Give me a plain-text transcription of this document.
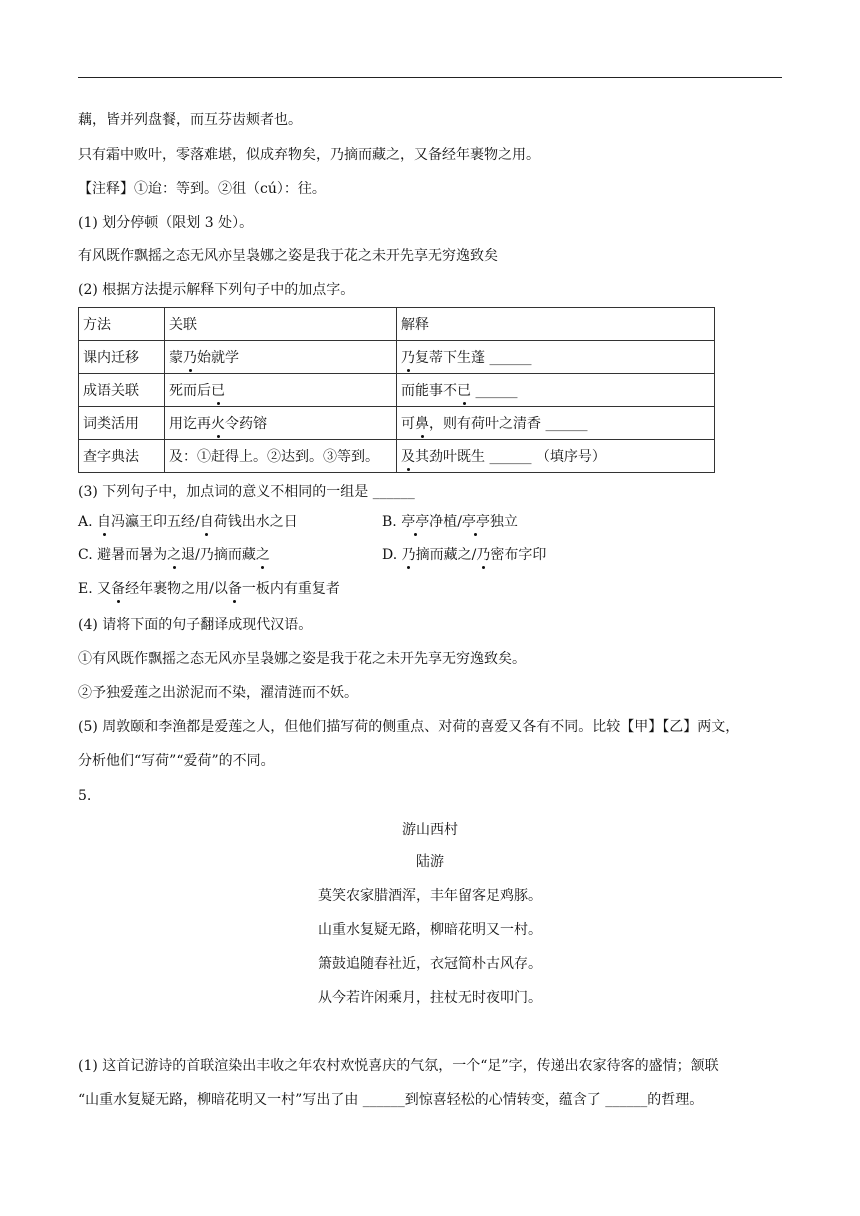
藕，皆并列盘餐，而互芬齿颊者也。
只有霜中败叶，零落难堪，似成弃物矣，乃摘而藏之，又备经年裹物之用。
【注释】①迨：等到。②徂（cú）：往。
(1) 划分停顿（限划 3 处）。
有风既作飘摇之态无风亦呈袅娜之姿是我于花之未开先享无穷逸致矣
(2) 根据方法提示解释下列句子中的加点字。
方法	关联	解释
课内迁移	蒙乃始就学	乃复蒂下生蓬 ______
成语关联	死而后已	而能事不已 ______
词类活用	用讫再火令药镕	可鼻，则有荷叶之清香 ______
查字典法	及：①赶得上。②达到。③等到。	及其劲叶既生 ______ （填序号）
(3) 下列句子中，加点词的意义不相同的一组是 ______
A. 自冯瀛王印五经/自荷钱出水之日	B. 亭亭净植/亭亭独立
C. 避暑而暑为之退/乃摘而藏之	D. 乃摘而藏之/乃密布字印
E. 又备经年裹物之用/以备一板内有重复者
(4) 请将下面的句子翻译成现代汉语。
①有风既作飘摇之态无风亦呈袅娜之姿是我于花之未开先享无穷逸致矣。
②予独爱莲之出淤泥而不染，濯清涟而不妖。
(5) 周敦颐和李渔都是爱莲之人，但他们描写荷的侧重点、对荷的喜爱又各有不同。比较【甲】【乙】两文，
分析他们“写荷”“爱荷”的不同。
5.
游山西村
陆游
莫笑农家腊酒浑，丰年留客足鸡豚。
山重水复疑无路，柳暗花明又一村。
箫鼓追随春社近，衣冠简朴古风存。
从今若许闲乘月，拄杖无时夜叩门。
(1) 这首记游诗的首联渲染出丰收之年农村欢悦喜庆的气氛，一个“足”字，传递出农家待客的盛情；颔联
“山重水复疑无路，柳暗花明又一村”写出了由 ______到惊喜轻松的心情转变，蕴含了 ______的哲理。
